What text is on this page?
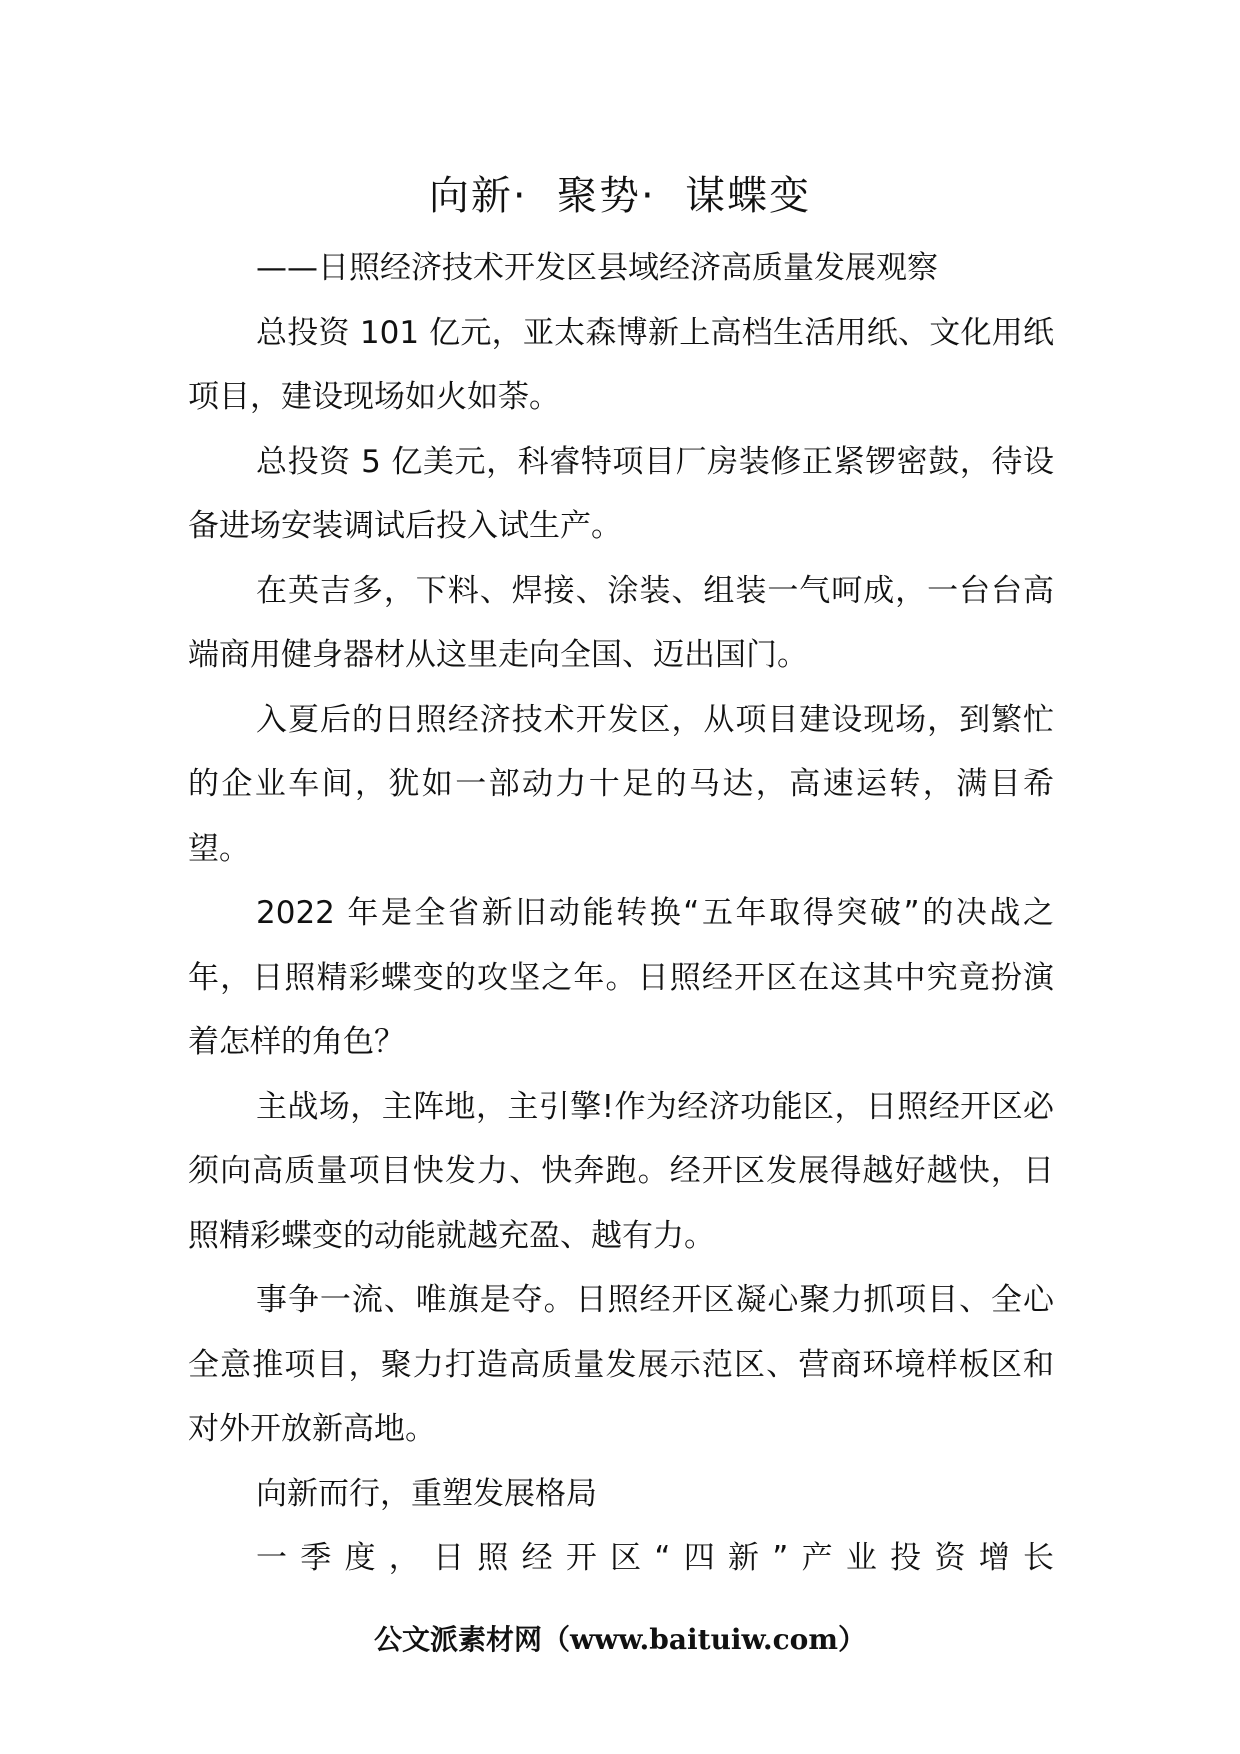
向新·  聚势·  谋蝶变

——日照经济技术开发区县域经济高质量发展观察

总投资 101 亿元，亚太森博新上高档生活用纸、文化用纸项目，建设现场如火如荼。

总投资 5 亿美元，科睿特项目厂房装修正紧锣密鼓，待设备进场安装调试后投入试生产。

在英吉多，下料、焊接、涂装、组装一气呵成，一台台高端商用健身器材从这里走向全国、迈出国门。

入夏后的日照经济技术开发区，从项目建设现场，到繁忙的企业车间，犹如一部动力十足的马达，高速运转，满目希望。

2022 年是全省新旧动能转换“五年取得突破”的决战之年，日照精彩蝶变的攻坚之年。日照经开区在这其中究竟扮演着怎样的角色？

主战场，主阵地，主引擎!作为经济功能区，日照经开区必须向高质量项目快发力、快奔跑。经开区发展得越好越快，日照精彩蝶变的动能就越充盈、越有力。

事争一流、唯旗是夺。日照经开区凝心聚力抓项目、全心全意推项目，聚力打造高质量发展示范区、营商环境样板区和对外开放新高地。

向新而行，重塑发展格局

一季度，日照经开区“四新”产业投资增长

公文派素材网（www.baituiw.com）
